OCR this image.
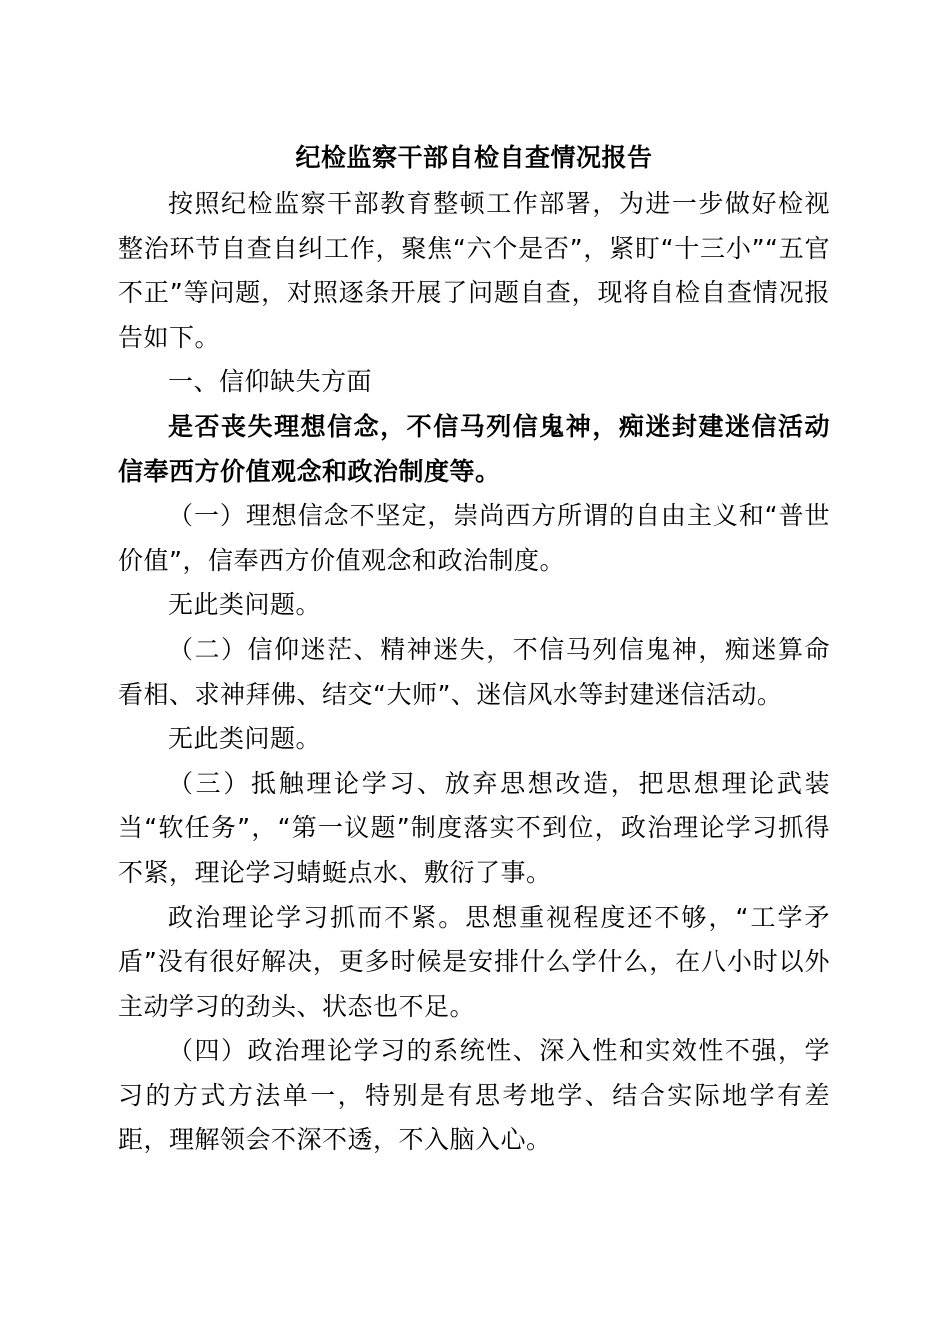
纪检监察干部自检自查情况报告

按照纪检监察干部教育整顿工作部署，为进一步做好检视整治环节自查自纠工作，聚焦“六个是否”，紧盯“十三小”“五官不正”等问题，对照逐条开展了问题自查，现将自检自查情况报告如下。

一、信仰缺失方面

是否丧失理想信念，不信马列信鬼神，痴迷封建迷信活动信奉西方价值观念和政治制度等。

（一）理想信念不坚定，崇尚西方所谓的自由主义和“普世价值”，信奉西方价值观念和政治制度。

无此类问题。

（二）信仰迷茫、精神迷失，不信马列信鬼神，痴迷算命看相、求神拜佛、结交“大师”、迷信风水等封建迷信活动。

无此类问题。

（三）抵触理论学习、放弃思想改造，把思想理论武装当“软任务”，“第一议题”制度落实不到位，政治理论学习抓得不紧，理论学习蜻蜓点水、敷衍了事。

政治理论学习抓而不紧。思想重视程度还不够，“工学矛盾”没有很好解决，更多时候是安排什么学什么，在八小时以外主动学习的劲头、状态也不足。

（四）政治理论学习的系统性、深入性和实效性不强，学习的方式方法单一，特别是有思考地学、结合实际地学有差距，理解领会不深不透，不入脑入心。
